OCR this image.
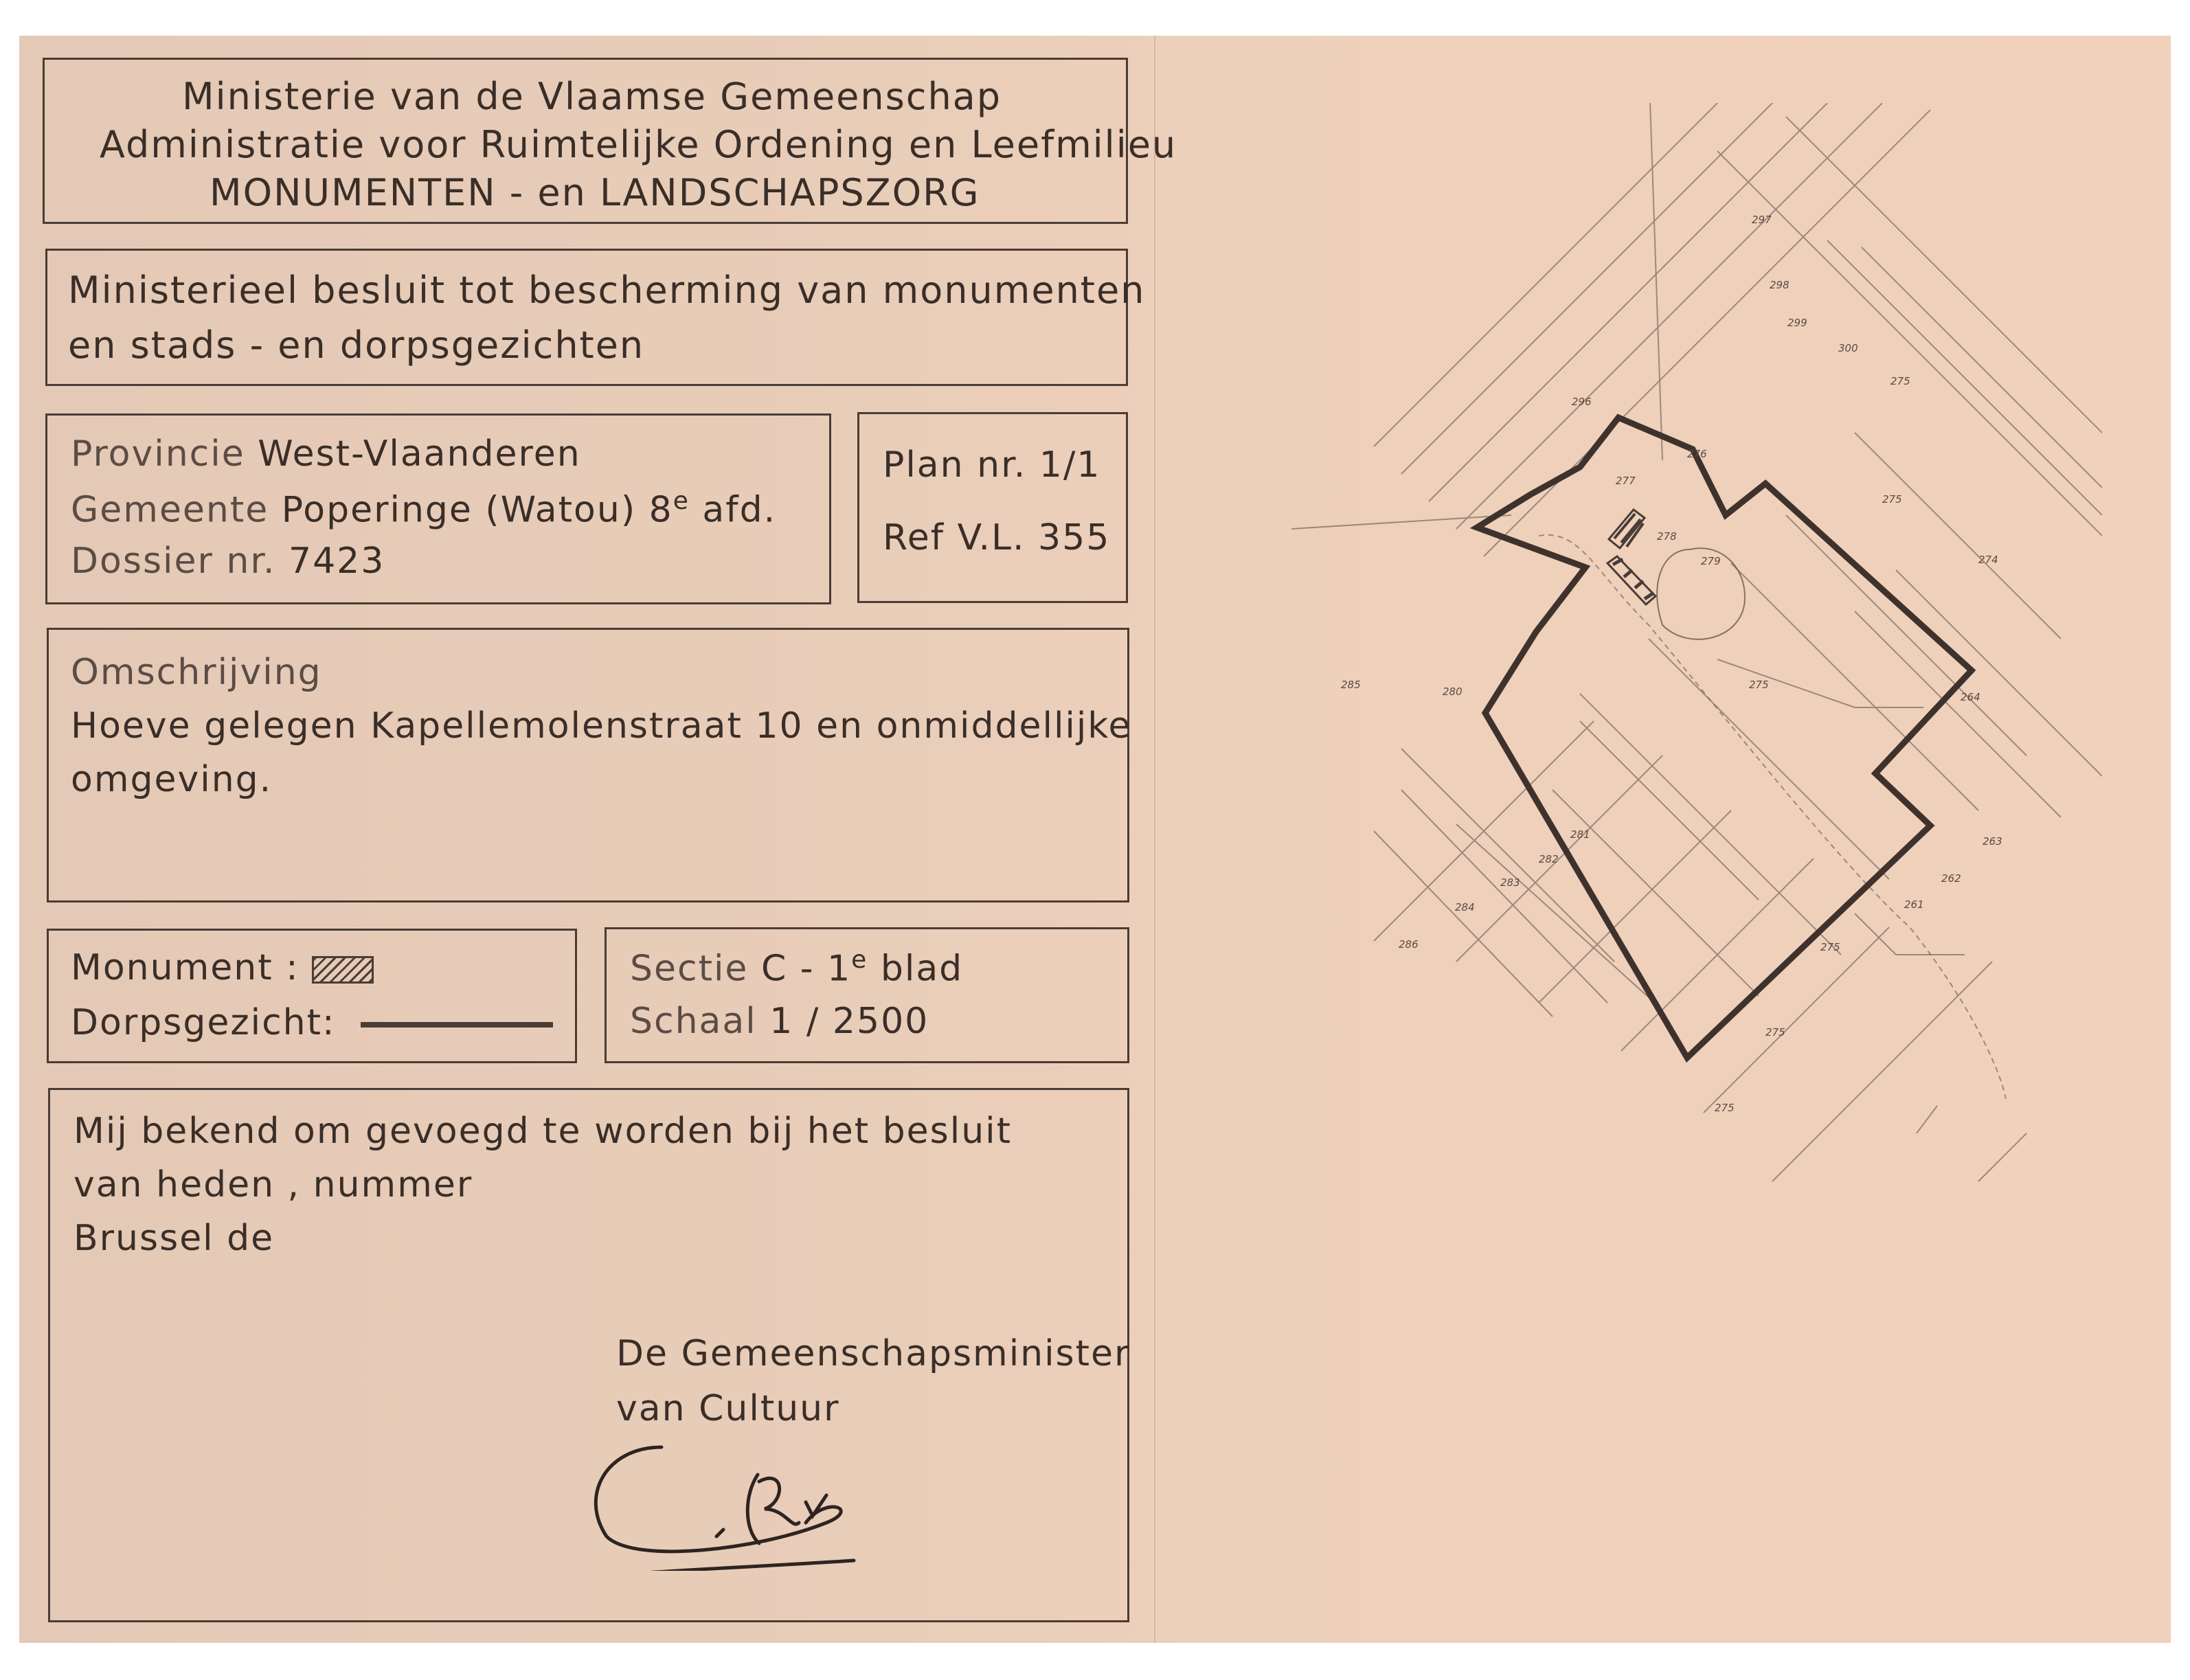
Ministerie van de Vlaamse Gemeenschap
Administratie voor Ruimtelijke Ordening en Leefmilieu
MONUMENTEN - en LANDSCHAPSZORG
Ministerieel besluit tot bescherming van monumenten
en stads - en dorpsgezichten
Provincie West-Vlaanderen
Gemeente Poperinge (Watou) 8e afd.
Dossier nr. 7423
Plan nr. 1/1
Ref V.L. 355
Omschrijving
Hoeve gelegen Kapellemolenstraat 10 en onmiddellijke
omgeving.
Monument :
Dorpsgezicht:
Sectie C - 1e blad
Schaal 1 / 2500
Mij bekend om gevoegd te worden bij het besluit
van heden , nummer
Brussel de
De Gemeenschapsminister
van Cultuur
297
298
299
300
275
296
276
277
278
279
275
274
285
280
275
264
263
262
261
281
282
283
284
286	275
275
275
